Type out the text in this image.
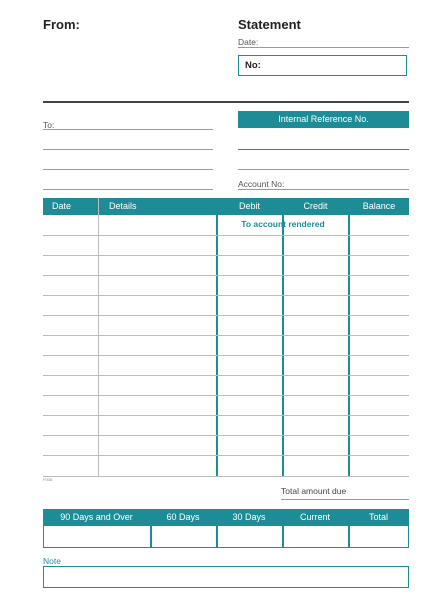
From:	Statement
Date:
No:
To:
Internal Reference No.
Account No:
Date	Details	Debit	Credit	Balance
To account rendered
F008
Total amount due
90 Days and Over	60 Days	30 Days	Current	Total
Note
